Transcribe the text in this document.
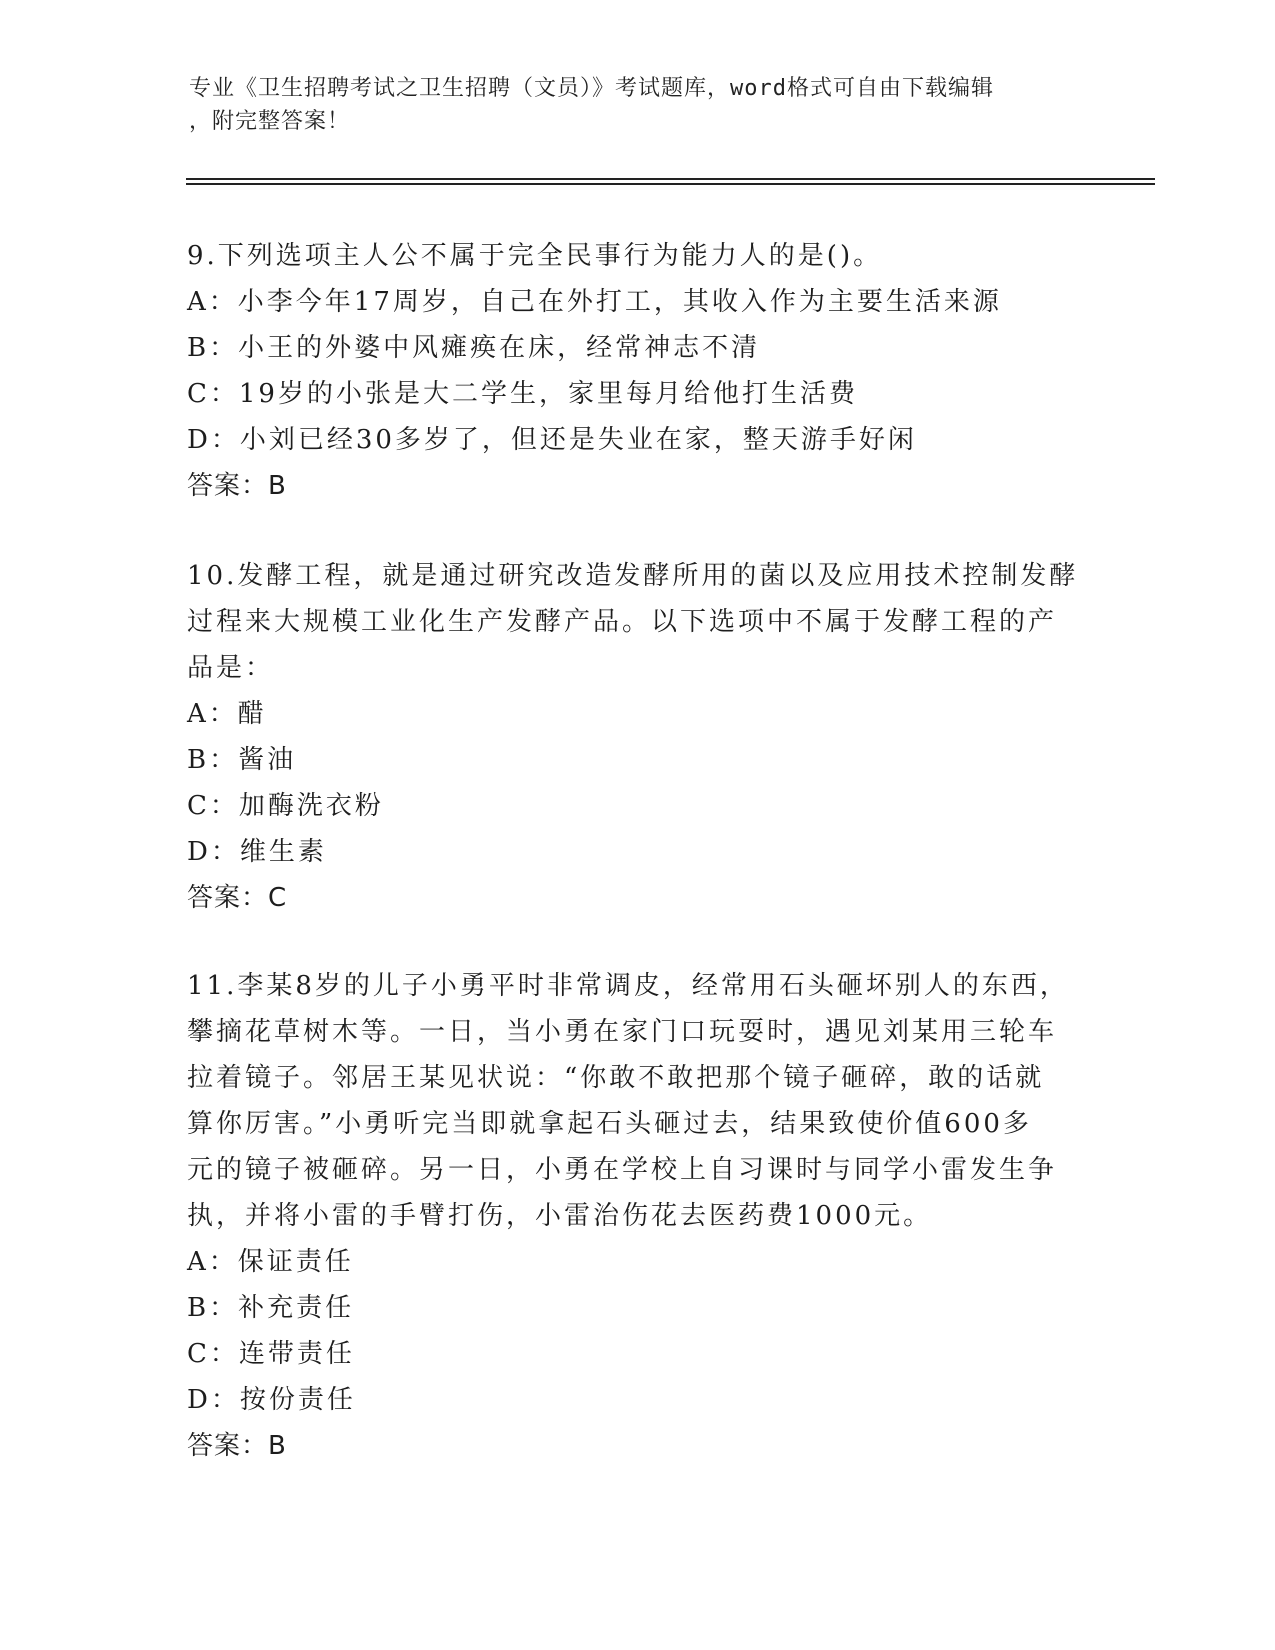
专业《卫生招聘考试之卫生招聘（文员）》考试题库，word格式可自由下载编辑
，附完整答案！
9.下列选项主人公不属于完全民事行为能力人的是()。
A：小李今年17周岁，自己在外打工，其收入作为主要生活来源
B：小王的外婆中风瘫痪在床，经常神志不清
C：19岁的小张是大二学生，家里每月给他打生活费
D：小刘已经30多岁了，但还是失业在家，整天游手好闲
答案：B
10.发酵工程，就是通过研究改造发酵所用的菌以及应用技术控制发酵
过程来大规模工业化生产发酵产品。以下选项中不属于发酵工程的产
品是：
A：醋
B：酱油
C：加酶洗衣粉
D：维生素
答案：C
11.李某8岁的儿子小勇平时非常调皮，经常用石头砸坏别人的东西，
攀摘花草树木等。一日，当小勇在家门口玩耍时，遇见刘某用三轮车
拉着镜子。邻居王某见状说：“你敢不敢把那个镜子砸碎，敢的话就
算你厉害。”小勇听完当即就拿起石头砸过去，结果致使价值600多
元的镜子被砸碎。另一日，小勇在学校上自习课时与同学小雷发生争
执，并将小雷的手臂打伤，小雷治伤花去医药费1000元。
A：保证责任
B：补充责任
C：连带责任
D：按份责任
答案：B
